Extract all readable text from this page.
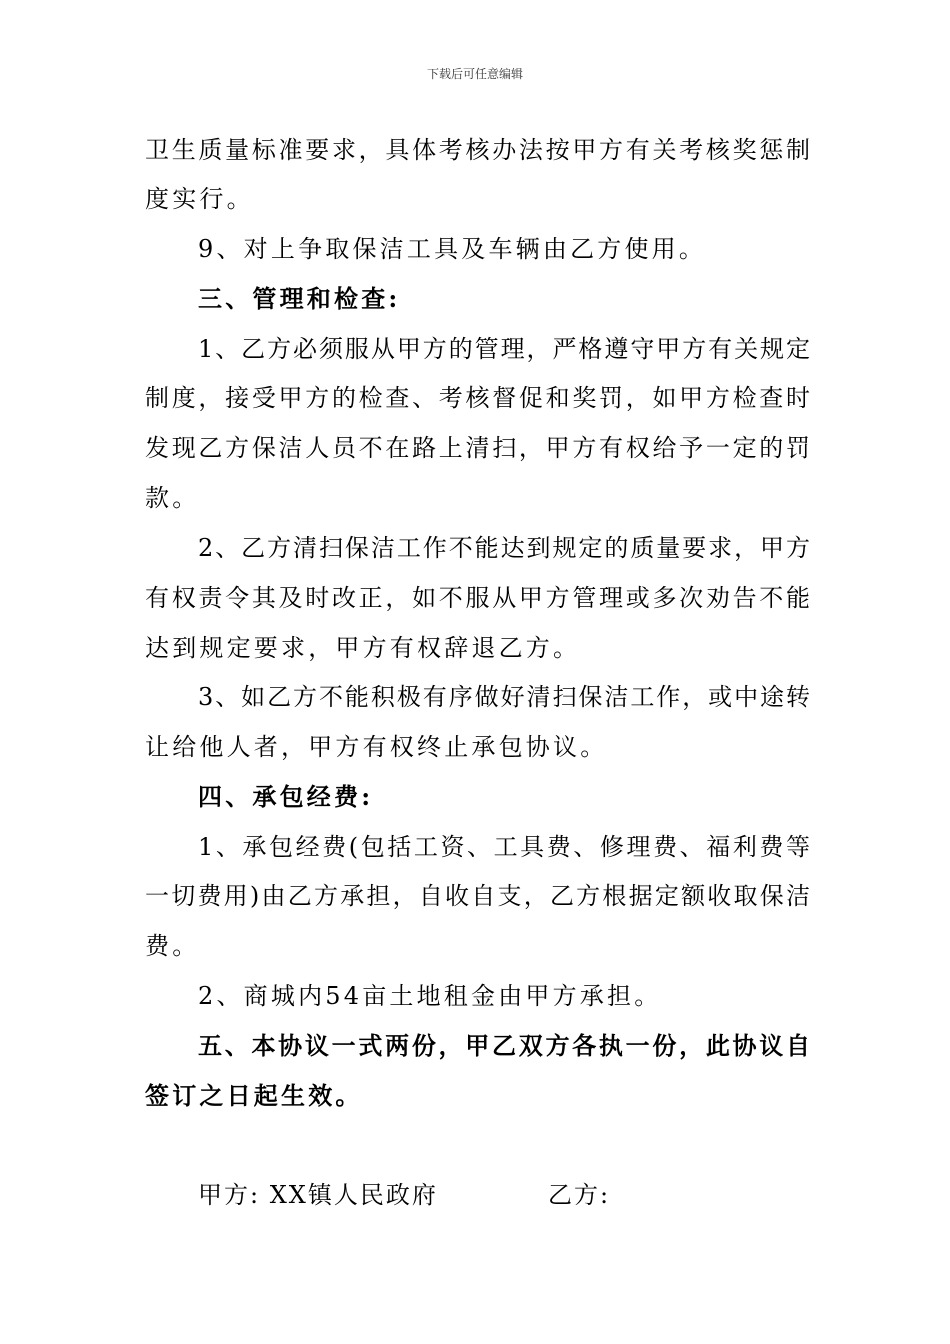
下载后可任意编辑
卫生质量标准要求，具体考核办法按甲方有关考核奖惩制
度实行。
9、对上争取保洁工具及车辆由乙方使用。
三、管理和检查:
1、乙方必须服从甲方的管理，严格遵守甲方有关规定
制度，接受甲方的检查、考核督促和奖罚，如甲方检查时
发现乙方保洁人员不在路上清扫，甲方有权给予一定的罚
款。
2、乙方清扫保洁工作不能达到规定的质量要求，甲方
有权责令其及时改正，如不服从甲方管理或多次劝告不能
达到规定要求，甲方有权辞退乙方。
3、如乙方不能积极有序做好清扫保洁工作，或中途转
让给他人者，甲方有权终止承包协议。
四、承包经费:
1、承包经费(包括工资、工具费、修理费、福利费等
一切费用)由乙方承担，自收自支，乙方根据定额收取保洁
费。
2、商城内54亩土地租金由甲方承担。
五、本协议一式两份，甲乙双方各执一份，此协议自
签订之日起生效。
甲方: XX镇人民政府	乙方:
